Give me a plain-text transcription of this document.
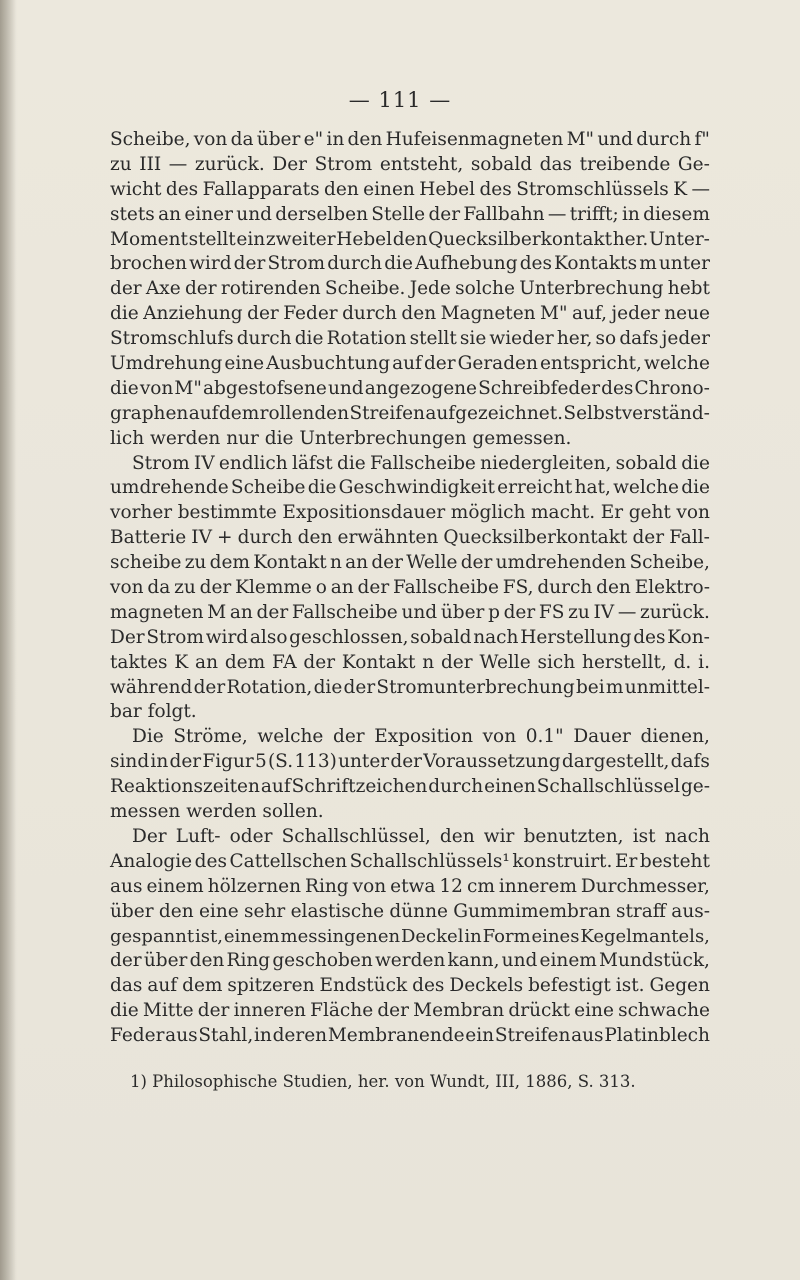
— 111 —
Scheibe, von da über e" in den Hufeisenmagneten M" und durch f"
zu III — zurück. Der Strom entsteht, sobald das treibende Ge-
wicht des Fallapparats den einen Hebel des Stromschlüssels K —
stets an einer und derselben Stelle der Fallbahn — trifft; in diesem
Moment stellt ein zweiter Hebel den Quecksilberkontakt her. Unter-
brochen wird der Strom durch die Aufhebung des Kontakts m unter
der Axe der rotirenden Scheibe. Jede solche Unterbrechung hebt
die Anziehung der Feder durch den Magneten M" auf, jeder neue
Stromschlufs durch die Rotation stellt sie wieder her, so dafs jeder
Umdrehung eine Ausbuchtung auf der Geraden entspricht, welche
die von M" abgestofsene und angezogene Schreibfeder des Chrono-
graphen auf dem rollenden Streifen aufgezeichnet. Selbstverständ-
lich werden nur die Unterbrechungen gemessen.
Strom IV endlich läfst die Fallscheibe niedergleiten, sobald die
umdrehende Scheibe die Geschwindigkeit erreicht hat, welche die
vorher bestimmte Expositionsdauer möglich macht. Er geht von
Batterie IV + durch den erwähnten Quecksilberkontakt der Fall-
scheibe zu dem Kontakt n an der Welle der umdrehenden Scheibe,
von da zu der Klemme o an der Fallscheibe FS, durch den Elektro-
magneten M an der Fallscheibe und über p der FS zu IV — zurück.
Der Strom wird also geschlossen, sobald nach Herstellung des Kon-
taktes K an dem FA der Kontakt n der Welle sich herstellt, d. i.
während der Rotation, die der Stromunterbrechung bei m unmittel-
bar folgt.
Die Ströme, welche der Exposition von 0.1" Dauer dienen,
sind in der Figur 5 (S. 113) unter der Voraussetzung dargestellt, dafs
Reaktionszeiten auf Schriftzeichen durch einen Schallschlüssel ge-
messen werden sollen.
Der Luft- oder Schallschlüssel, den wir benutzten, ist nach
Analogie des Cattellschen Schallschlüssels¹ konstruirt. Er besteht
aus einem hölzernen Ring von etwa 12 cm innerem Durchmesser,
über den eine sehr elastische dünne Gummimembran straff aus-
gespannt ist, einem messingenen Deckel in Form eines Kegelmantels,
der über den Ring geschoben werden kann, und einem Mundstück,
das auf dem spitzeren Endstück des Deckels befestigt ist. Gegen
die Mitte der inneren Fläche der Membran drückt eine schwache
Feder aus Stahl, in deren Membranende ein Streifen aus Platinblech
1) Philosophische Studien, her. von Wundt, III, 1886, S. 313.
